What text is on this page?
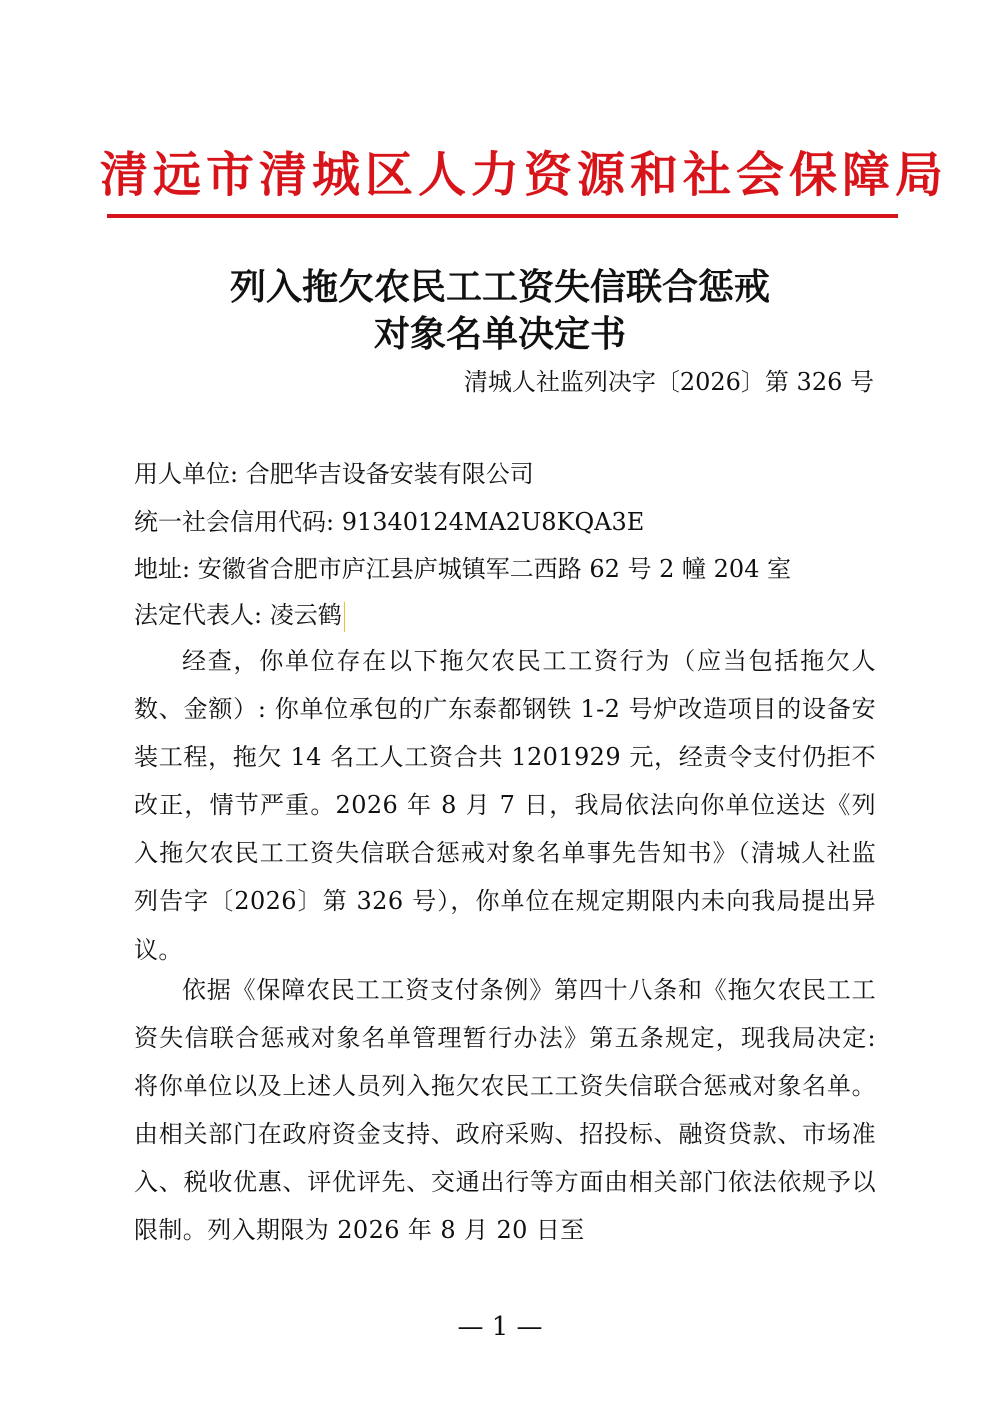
清远市清城区人力资源和社会保障局
列入拖欠农民工工资失信联合惩戒
对象名单决定书
清城人社监列决字〔2026〕第 326 号
用人单位: 合肥华吉设备安装有限公司
统一社会信用代码: 91340124MA2U8KQA3E
地址: 安徽省合肥市庐江县庐城镇军二西路 62 号 2 幢 204 室
法定代表人: 凌云鹤
经查，你单位存在以下拖欠农民工工资行为（应当包括拖欠人数、金额）: 你单位承包的广东泰都钢铁 1-2 号炉改造项目的设备安装工程，拖欠 14 名工人工资合共 1201929 元，经责令支付仍拒不改正，情节严重。2026 年 8 月 7 日，我局依法向你单位送达《列入拖欠农民工工资失信联合惩戒对象名单事先告知书》（清城人社监列告字〔2026〕第 326 号），你单位在规定期限内未向我局提出异议。
依据《保障农民工工资支付条例》第四十八条和《拖欠农民工工资失信联合惩戒对象名单管理暂行办法》第五条规定，现我局决定: 将你单位以及上述人员列入拖欠农民工工资失信联合惩戒对象名单。由相关部门在政府资金支持、政府采购、招投标、融资贷款、市场准入、税收优惠、评优评先、交通出行等方面由相关部门依法依规予以限制。列入期限为 2026 年 8 月 20 日至
— 1 —
